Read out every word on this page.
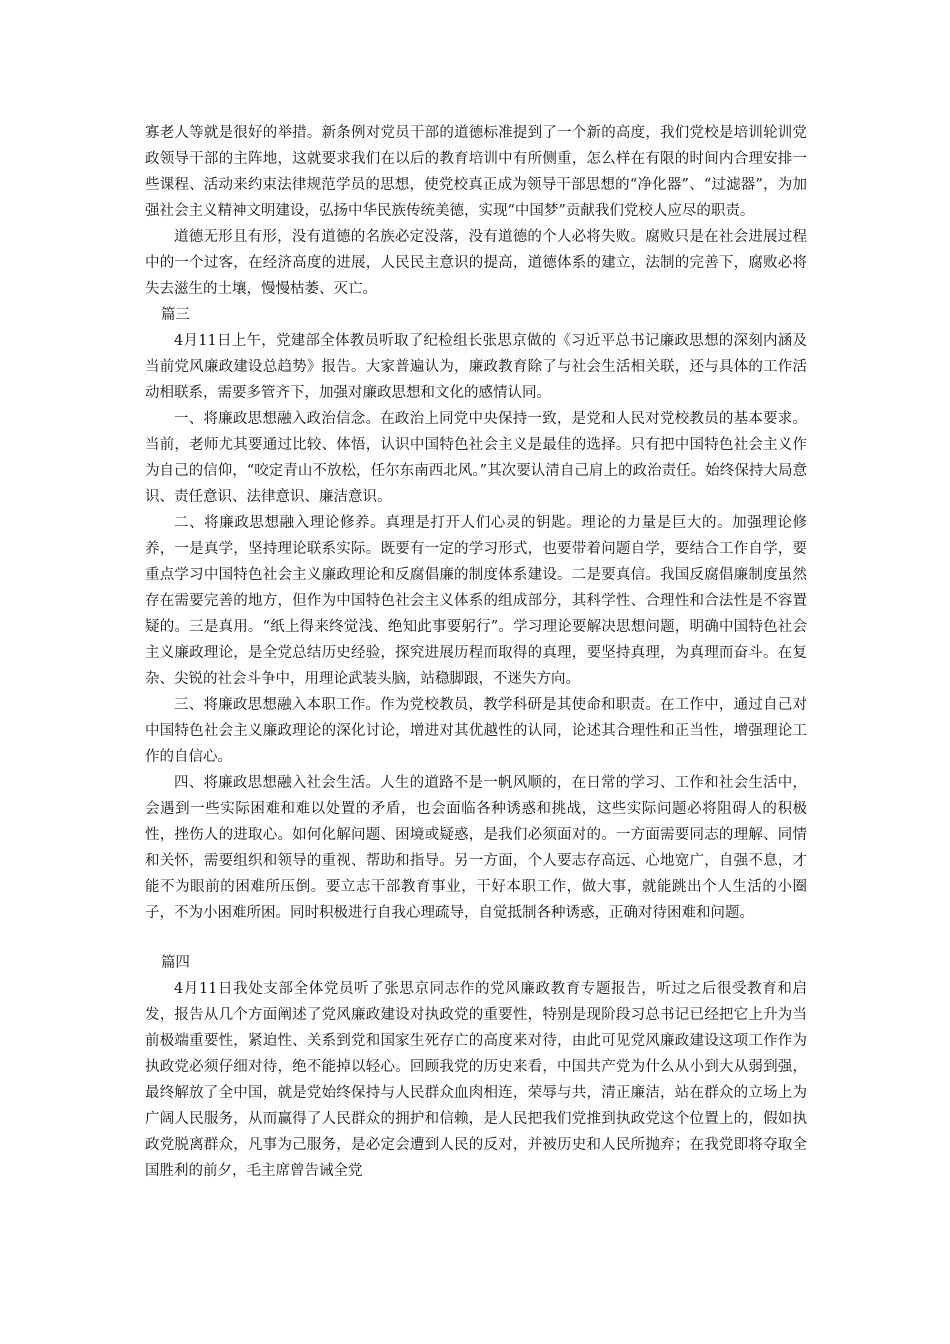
寡老人等就是很好的举措。新条例对党员干部的道德标准提到了一个新的高度，我们党校是培训轮训党政领导干部的主阵地，这就要求我们在以后的教育培训中有所侧重，怎么样在有限的时间内合理安排一些课程、活动来约束法律规范学员的思想，使党校真正成为领导干部思想的“净化器”、“过滤器”，为加强社会主义精神文明建设，弘扬中华民族传统美德，实现“中国梦”贡献我们党校人应尽的职责。

道德无形且有形，没有道德的名族必定没落，没有道德的个人必将失败。腐败只是在社会进展过程中的一个过客，在经济高度的进展，人民民主意识的提高，道德体系的建立，法制的完善下，腐败必将失去滋生的土壤，慢慢枯萎、灭亡。

篇三

4月11日上午，党建部全体教员听取了纪检组长张思京做的《习近平总书记廉政思想的深刻内涵及当前党风廉政建设总趋势》报告。大家普遍认为，廉政教育除了与社会生活相关联，还与具体的工作活动相联系，需要多管齐下，加强对廉政思想和文化的感情认同。

一、将廉政思想融入政治信念。在政治上同党中央保持一致，是党和人民对党校教员的基本要求。当前，老师尤其要通过比较、体悟，认识中国特色社会主义是最佳的选择。只有把中国特色社会主义作为自己的信仰，“咬定青山不放松，任尔东南西北风。”其次要认清自己肩上的政治责任。始终保持大局意识、责任意识、法律意识、廉洁意识。

二、将廉政思想融入理论修养。真理是打开人们心灵的钥匙。理论的力量是巨大的。加强理论修养，一是真学，坚持理论联系实际。既要有一定的学习形式，也要带着问题自学，要结合工作自学，要重点学习中国特色社会主义廉政理论和反腐倡廉的制度体系建设。二是要真信。我国反腐倡廉制度虽然存在需要完善的地方，但作为中国特色社会主义体系的组成部分，其科学性、合理性和合法性是不容置疑的。三是真用。“纸上得来终觉浅、绝知此事要躬行”。学习理论要解决思想问题，明确中国特色社会主义廉政理论，是全党总结历史经验，探究进展历程而取得的真理，要坚持真理，为真理而奋斗。在复杂、尖锐的社会斗争中，用理论武装头脑，站稳脚跟，不迷失方向。

三、将廉政思想融入本职工作。作为党校教员，教学科研是其使命和职责。在工作中，通过自己对中国特色社会主义廉政理论的深化讨论，增进对其优越性的认同，论述其合理性和正当性，增强理论工作的自信心。

四、将廉政思想融入社会生活。人生的道路不是一帆风顺的，在日常的学习、工作和社会生活中，会遇到一些实际困难和难以处置的矛盾，也会面临各种诱惑和挑战，这些实际问题必将阻碍人的积极性，挫伤人的进取心。如何化解问题、困境或疑惑，是我们必须面对的。一方面需要同志的理解、同情和关怀，需要组织和领导的重视、帮助和指导。另一方面，个人要志存高远、心地宽广，自强不息，才能不为眼前的困难所压倒。要立志干部教育事业，干好本职工作，做大事，就能跳出个人生活的小圈子，不为小困难所困。同时积极进行自我心理疏导，自觉抵制各种诱惑，正确对待困难和问题。

篇四

4月11日我处支部全体党员听了张思京同志作的党风廉政教育专题报告，听过之后很受教育和启发，报告从几个方面阐述了党风廉政建设对执政党的重要性，特别是现阶段习总书记已经把它上升为当前极端重要性，紧迫性、关系到党和国家生死存亡的高度来对待，由此可见党风廉政建设这项工作作为执政党必须仔细对待，绝不能掉以轻心。回顾我党的历史来看，中国共产党为什么从小到大从弱到强，最终解放了全中国，就是党始终保持与人民群众血肉相连，荣辱与共，清正廉洁，站在群众的立场上为广阔人民服务，从而赢得了人民群众的拥护和信赖，是人民把我们党推到执政党这个位置上的，假如执政党脱离群众，凡事为己服务，是必定会遭到人民的反对，并被历史和人民所抛弃；在我党即将夺取全国胜利的前夕，毛主席曾告诫全党
